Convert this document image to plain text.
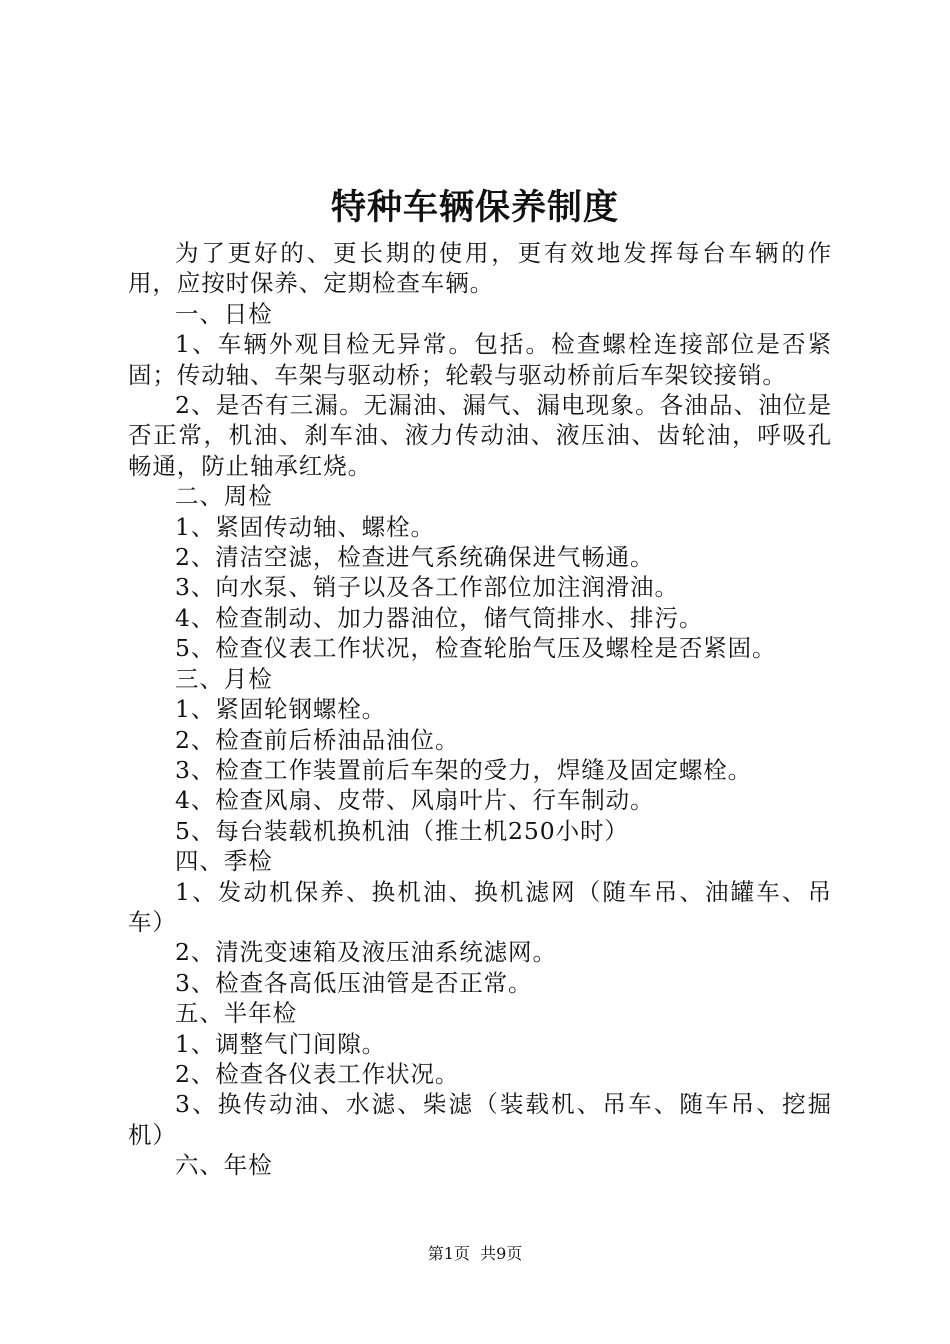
特种车辆保养制度

为了更好的、更长期的使用，更有效地发挥每台车辆的作用，应按时保养、定期检查车辆。

一、日检

1、车辆外观目检无异常。包括。检查螺栓连接部位是否紧固；传动轴、车架与驱动桥；轮毂与驱动桥前后车架铰接销。

2、是否有三漏。无漏油、漏气、漏电现象。各油品、油位是否正常，机油、刹车油、液力传动油、液压油、齿轮油，呼吸孔畅通，防止轴承红烧。

二、周检

1、紧固传动轴、螺栓。

2、清洁空滤，检查进气系统确保进气畅通。

3、向水泵、销子以及各工作部位加注润滑油。

4、检查制动、加力器油位，储气筒排水、排污。

5、检查仪表工作状况，检查轮胎气压及螺栓是否紧固。

三、月检

1、紧固轮钢螺栓。

2、检查前后桥油品油位。

3、检查工作装置前后车架的受力，焊缝及固定螺栓。

4、检查风扇、皮带、风扇叶片、行车制动。

5、每台装载机换机油（推土机250小时）

四、季检

1、发动机保养、换机油、换机滤网（随车吊、油罐车、吊车）

2、清洗变速箱及液压油系统滤网。

3、检查各高低压油管是否正常。

五、半年检

1、调整气门间隙。

2、检查各仪表工作状况。

3、换传动油、水滤、柴滤（装载机、吊车、随车吊、挖掘机）

六、年检

第1页  共9页
